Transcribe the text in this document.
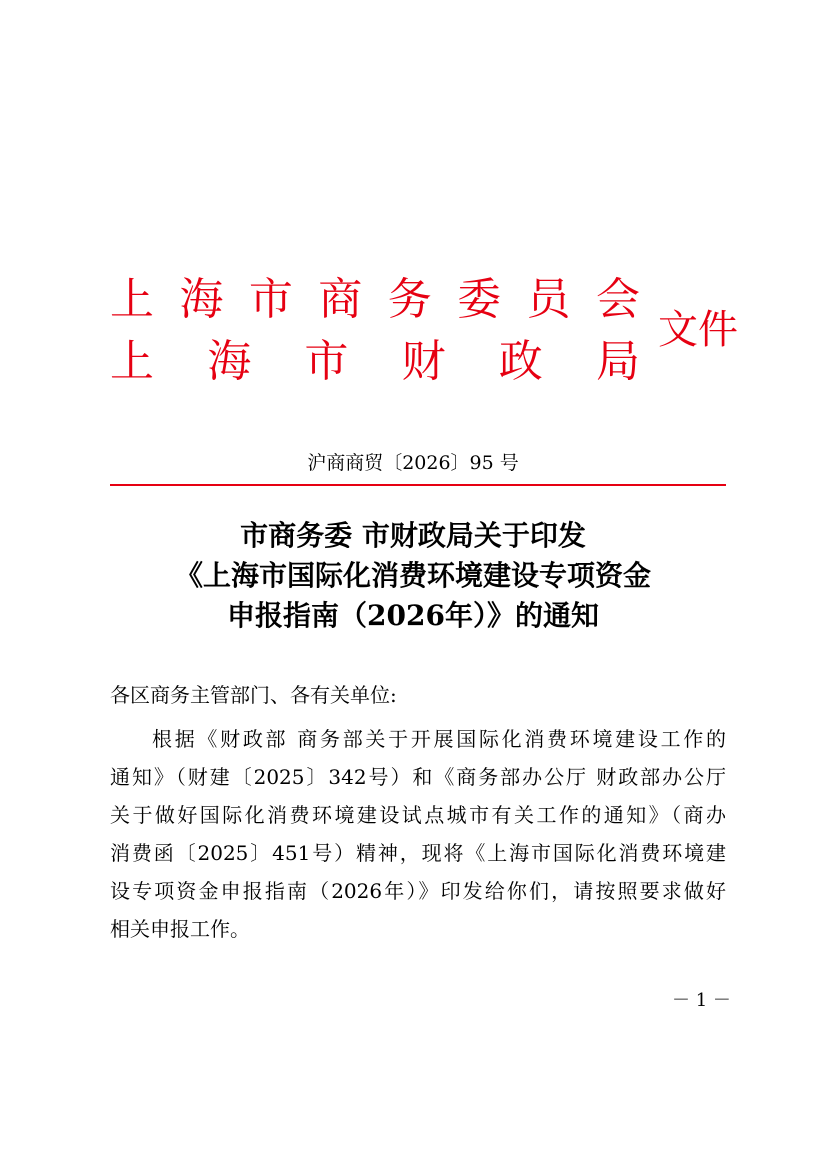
上 海 市 商 务 委 员 会
上 海 市 财 政 局
文件
沪商商贸〔2026〕95 号
市商务委 市财政局关于印发
《上海市国际化消费环境建设专项资金
申报指南（2026年）》的通知
各区商务主管部门、各有关单位:
根据《财政部 商务部关于开展国际化消费环境建设工作的
通知》（财建〔2025〕342号）和《商务部办公厅 财政部办公厅
关于做好国际化消费环境建设试点城市有关工作的通知》（商办
消费函〔2025〕451号）精神，现将《上海市国际化消费环境建
设专项资金申报指南（2026年）》印发给你们，请按照要求做好
相关申报工作。
－ 1 －
